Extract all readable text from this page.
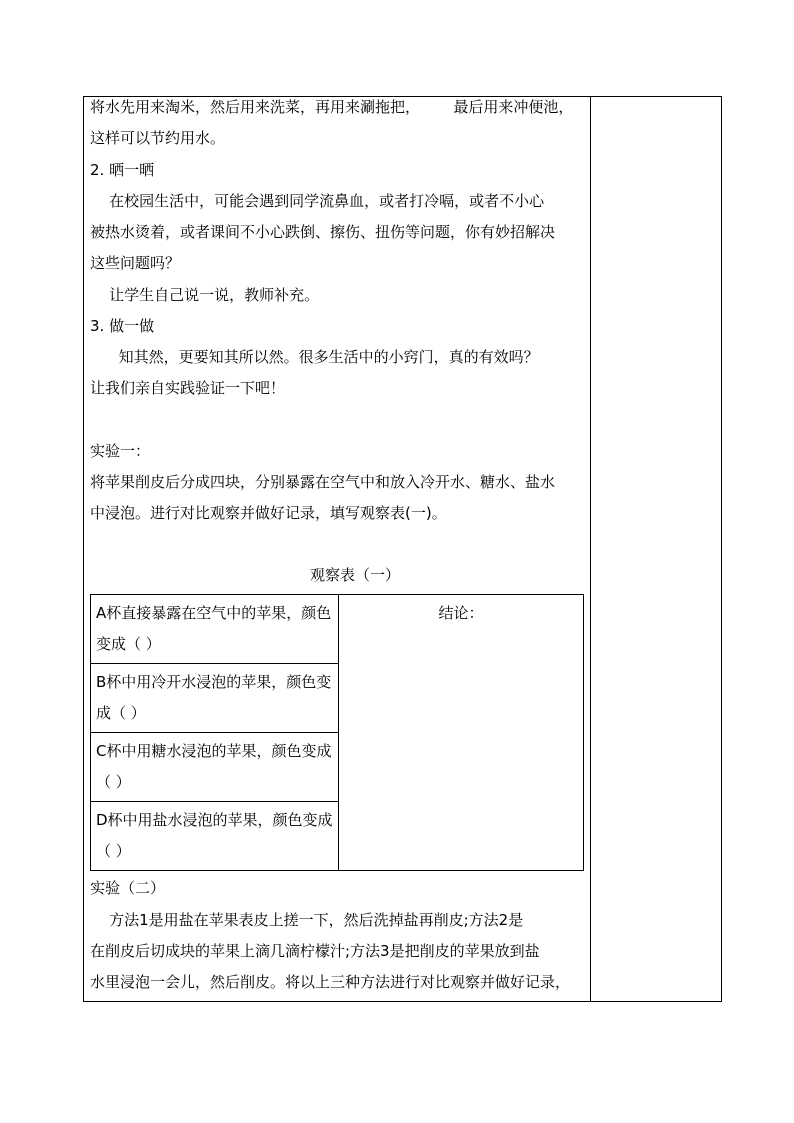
将水先用来淘米，然后用来洗菜，再用来涮拖把，       最后用来冲便池，
这样可以节约用水。
2. 晒一晒
在校园生活中，可能会遇到同学流鼻血，或者打冷嗝，或者不小心
被热水烫着，或者课间不小心跌倒、擦伤、扭伤等问题，你有妙招解决
这些问题吗？
让学生自己说一说，教师补充。
3. 做一做
知其然，更要知其所以然。很多生活中的小窍门，真的有效吗？
让我们亲自实践验证一下吧！
实验一：
将苹果削皮后分成四块，分别暴露在空气中和放入冷开水、糖水、盐水
中浸泡。进行对比观察并做好记录，填写观察表(一)。
观察表（一）
A杯直接暴露在空气中的苹果，颜色变成（ ）	结论：
B杯中用冷开水浸泡的苹果，颜色变成（ ）
C杯中用糖水浸泡的苹果，颜色变成（ ）
D杯中用盐水浸泡的苹果，颜色变成（ ）
实验（二）
方法1是用盐在苹果表皮上搓一下，然后洗掉盐再削皮;方法2是
在削皮后切成块的苹果上滴几滴柠檬汁;方法3是把削皮的苹果放到盐
水里浸泡一会儿，然后削皮。将以上三种方法进行对比观察并做好记录，
